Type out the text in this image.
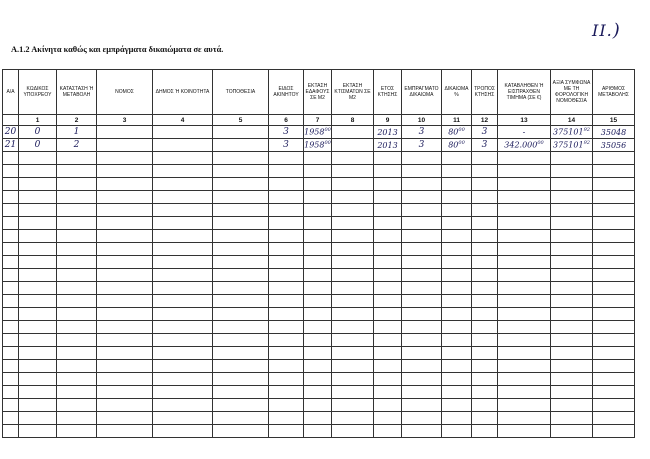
II.)
Α.1.2 Ακίνητα καθώς και εμπράγματα δικαιώματα σε αυτά.
Α/Α	ΚΩΔΙΚΟΣ ΥΠΟΧΡΕΟΥ	ΚΑΤΑΣΤΑΣΗ Ή ΜΕΤΑΒΟΛΗ	ΝΟΜΟΣ	ΔΗΜΟΣ Ή ΚΟΙΝΟΤΗΤΑ	ΤΟΠΟΘΕΣΙΑ	ΕΙΔΟΣ ΑΚΙΝΗΤΟΥ	ΕΚΤΑΣΗ ΕΔΑΦΟΥΣ ΣΕ Μ2	ΕΚΤΑΣΗ ΚΤΙΣΜΑΤΩΝ ΣΕ Μ2	ΕΤΟΣ ΚΤΗΣΗΣ	ΕΜΠΡΑΓΜΑΤΟ ΔΙΚΑΙΩΜΑ	ΔΙΚΑΙΩΜΑ %	ΤΡΟΠΟΣ ΚΤΗΣΗΣ	ΚΑΤΑΒΛΗΘΕΝ Ή ΕΙΣΠΡΑΧΘΕΝ ΤΙΜΗΜΑ (ΣΕ €)	ΑΞΙΑ ΣΥΜΦΩΝΑ ΜΕ ΤΗ ΦΟΡΟΛΟΓΙΚΗ ΝΟΜΟΘΕΣΙΑ	ΑΡΙΘΜΟΣ ΜΕΤΑΒΟΛΗΣ
	1	2	3	4	5	6	7	8	9	10	11	12	13	14	15
20	0	1				3	1958$^{00}$		2013	3	$80^{00}$	3	-	375101$^{92}$	35048
21	0	2				3	1958$^{00}$		2013	3	$80^{00}$	3	342.000$^{00}$	375101$^{92}$	35056
